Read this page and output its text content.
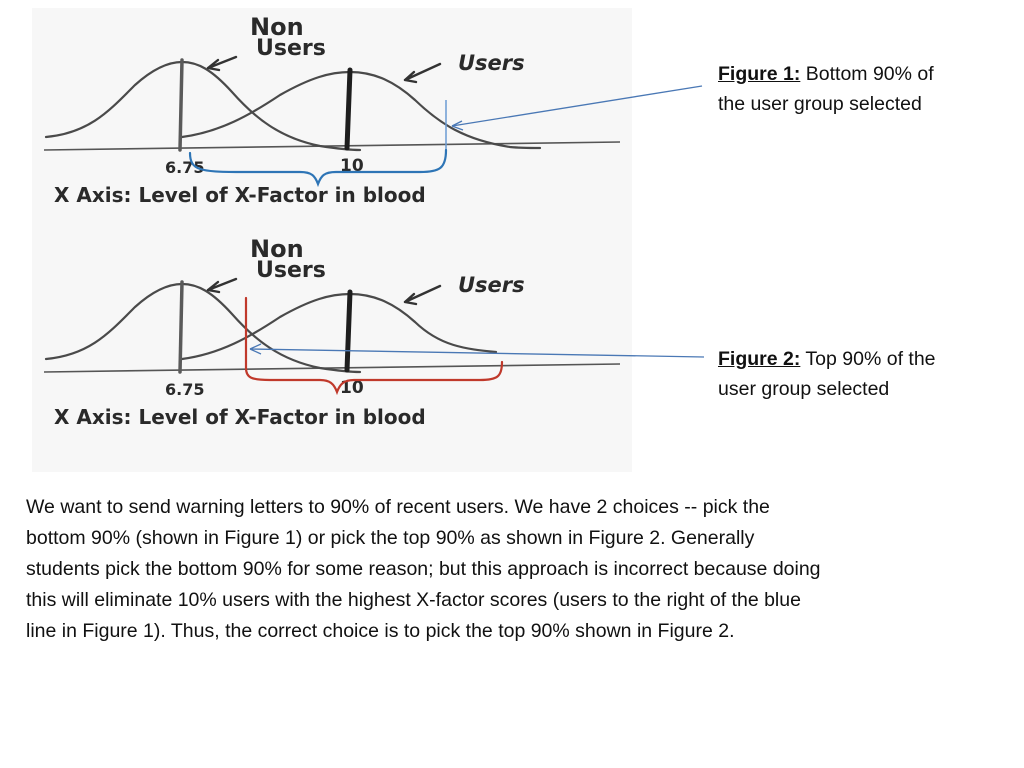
Non
Users
Users
6.75	10
X Axis: Level of X-Factor in blood
Non
Users
Users
6.75	10
X Axis: Level of X-Factor in blood
Figure 1: Bottom 90% of
the user group selected
Figure 2: Top 90% of the
user group selected
We want to send warning letters to 90% of recent users. We have 2 choices -- pick the
bottom 90% (shown in Figure 1) or pick the top 90% as shown in Figure 2. Generally
students pick the bottom 90% for some reason; but this approach is incorrect because doing
this will eliminate 10% users with the highest X-factor scores (users to the right of the blue
line in Figure 1). Thus, the correct choice is to pick the top 90% shown in Figure 2.
